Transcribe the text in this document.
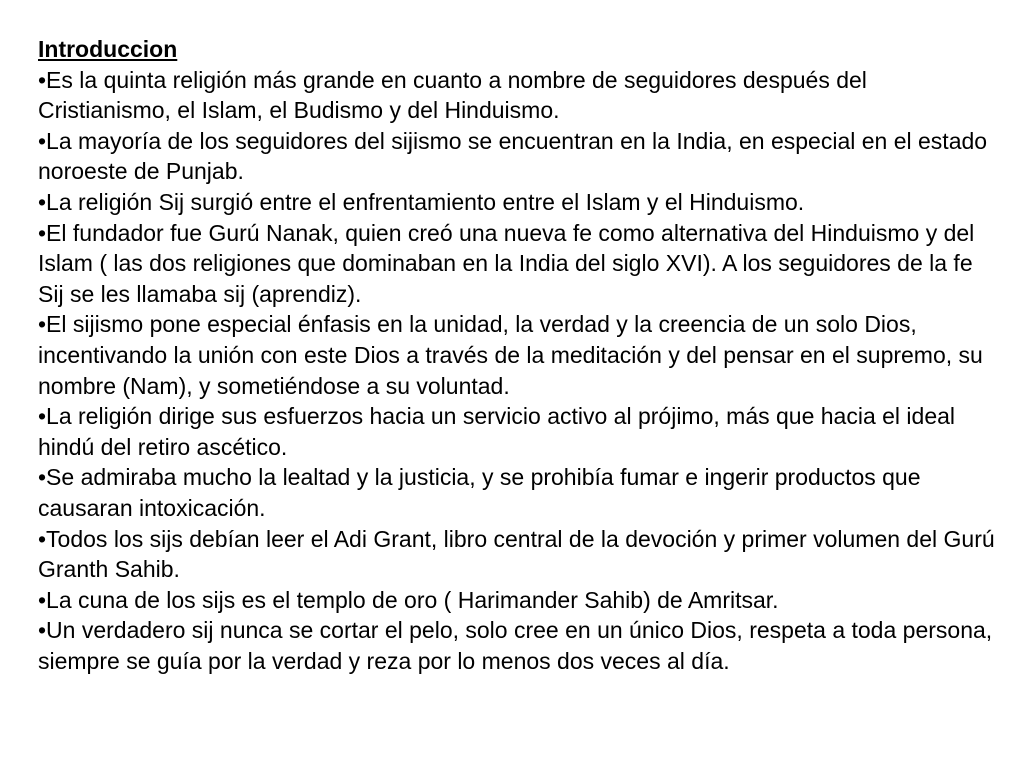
Introduccion

•Es la quinta religión más grande en cuanto a nombre de seguidores después del Cristianismo, el Islam, el Budismo y del Hinduismo.

•La mayoría de los seguidores del sijismo se encuentran en la India, en especial en el estado noroeste de Punjab.

•La religión Sij surgió entre el enfrentamiento entre el Islam y el Hinduismo.

•El fundador fue Gurú Nanak, quien creó una nueva fe como alternativa del Hinduismo y del Islam ( las dos religiones que dominaban en la India del siglo XVI). A los seguidores de la fe Sij se les llamaba sij (aprendiz).

•El sijismo pone especial énfasis en la unidad, la verdad y la creencia de un solo Dios, incentivando la unión con este Dios a través de la meditación y del pensar en el supremo, su nombre (Nam), y sometiéndose a su voluntad.

•La religión dirige sus esfuerzos hacia un servicio activo al prójimo, más que hacia el ideal hindú del retiro ascético.

•Se admiraba mucho la lealtad y la justicia, y se prohibía fumar e ingerir productos que causaran intoxicación.

•Todos los sijs debían leer el Adi Grant, libro central de la devoción y primer volumen del Gurú Granth Sahib.

•La cuna de los sijs es el templo de oro ( Harimander Sahib) de Amritsar.

•Un verdadero sij nunca se cortar el pelo, solo cree en un único Dios, respeta a toda persona, siempre se guía por la verdad y reza por lo menos dos veces al día.
